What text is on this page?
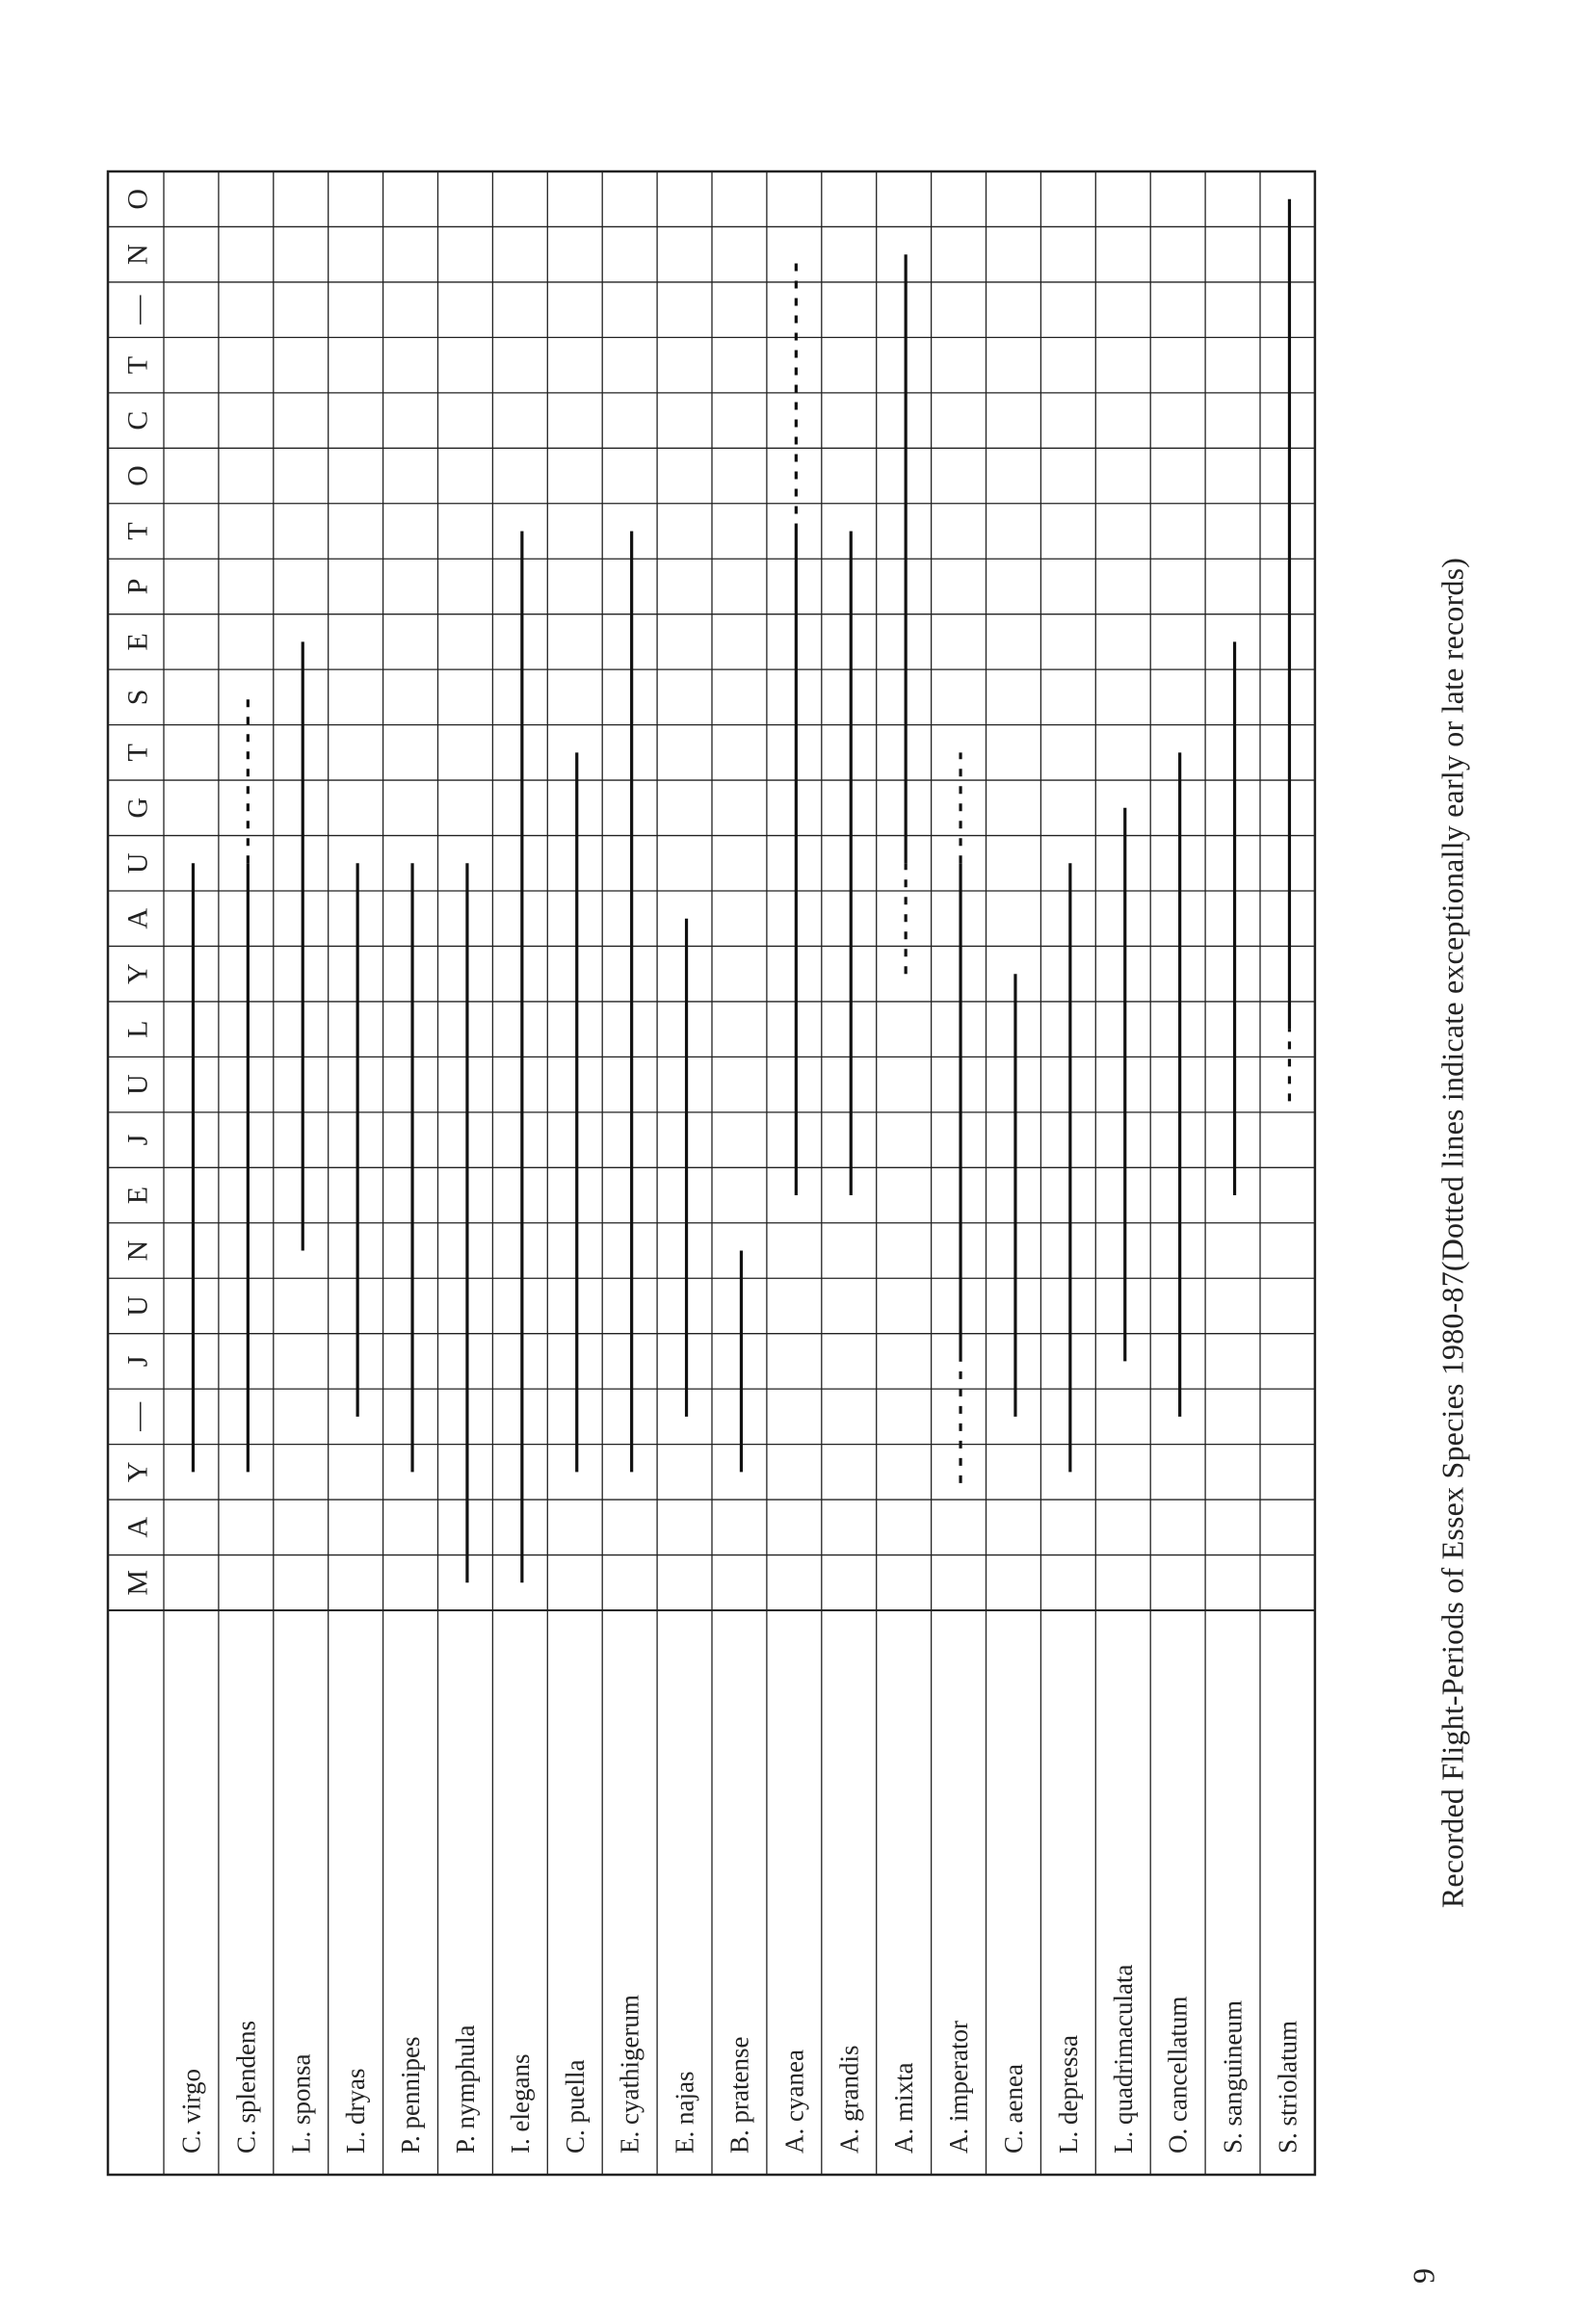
C. virgo C. splendens L. sponsa L. dryas P. pennipes P. nymphula I. elegans C. puella E. cyathigerum E. najas B. pratense A. cyanea A. grandis A. mixta A. imperator C. aenea L. depressa L. quadrimaculata O. cancellatum S. sanguineum S. striolatum
M
A
Y
—
J
U
N
E
J
U
L
Y
A
U
G
T
S
E
P
T
O
C
T
—
N
O
Recorded Flight-Periods of Essex Species 1980-87(Dotted lines indicate exceptionally early or late records)
9
